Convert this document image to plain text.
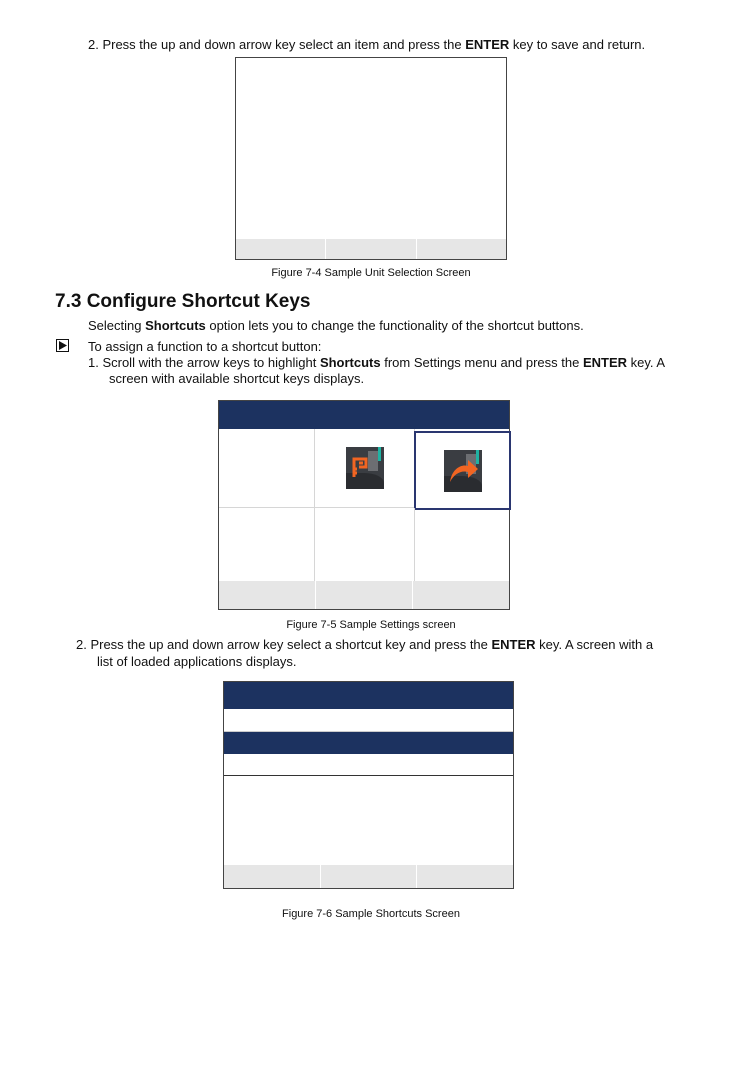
2. Press the up and down arrow key select an item and press the ENTER key to save and return.
Figure 7-4 Sample Unit Selection Screen
7.3 Configure Shortcut Keys
Selecting Shortcuts option lets you to change the functionality of the shortcut buttons.
To assign a function to a shortcut button:
1. Scroll with the arrow keys to highlight Shortcuts from Settings menu and press the ENTER key. A
screen with available shortcut keys displays.
Figure 7-5 Sample Settings screen
2. Press the up and down arrow key select a shortcut key and press the ENTER key. A screen with a
list of loaded applications displays.
Figure 7-6 Sample Shortcuts Screen
